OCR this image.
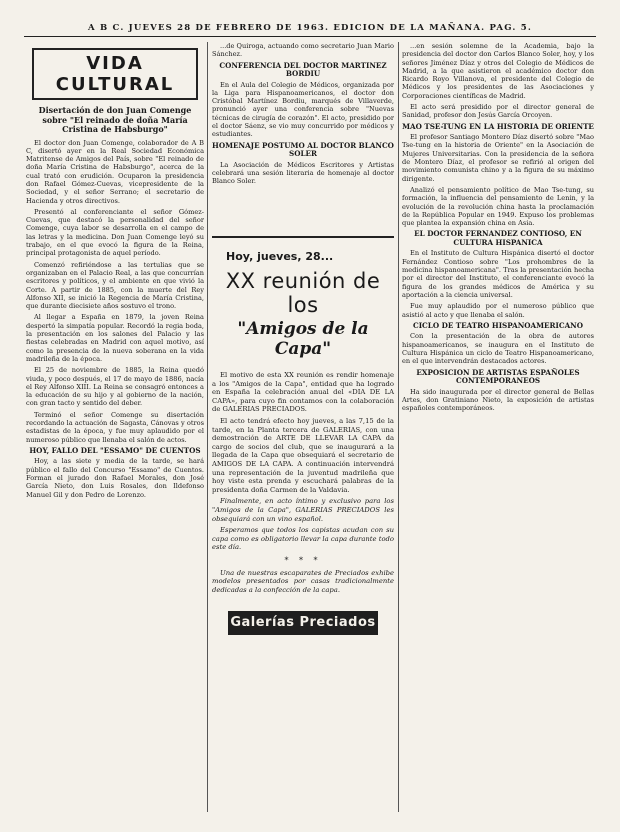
A B C. JUEVES 28 DE FEBRERO DE 1963. EDICION DE LA MAÑANA. PAG. 5.
VIDA CULTURAL
Disertación de don Juan Comenge sobre "El reinado de doña María Cristina de Habsburgo"

El doctor don Juan Comenge, colaborador de A B C, disertó ayer en la Real Sociedad Económica Matritense de Amigos del País, sobre "El reinado de doña María Cristina de Habsburgo", acerca de la cual trató con erudición. Ocuparon la presidencia don Rafael Gómez-Cuevas, vicepresidente de la Sociedad, y el señor Serrano; el secretario de Hacienda y otros directivos.

Presentó al conferenciante el señor Gómez-Cuevas, que destacó la personalidad del señor Comenge, cuya labor se desarrolla en el campo de las letras y la medicina. Don Juan Comenge leyó su trabajo, en el que evocó la figura de la Reina, principal protagonista de aquel período.

Comenzó refiriéndose a las tertulias que se organizaban en el Palacio Real, a las que concurrían escritores y políticos, y el ambiente en que vivió la Corte. A partir de 1885, con la muerte del Rey Alfonso XII, se inició la Regencia de María Cristina, que durante diecisiete años sostuvo el trono.

Al llegar a España en 1879, la joven Reina despertó la simpatía popular. Recordó la regia boda, la presentación en los salones del Palacio y las fiestas celebradas en Madrid con aquel motivo, así como la presencia de la nueva soberana en la vida madrileña de la época.

El 25 de noviembre de 1885, la Reina quedó viuda, y poco después, el 17 de mayo de 1886, nacía el Rey Alfonso XIII. La Reina se consagró entonces a la educación de su hijo y al gobierno de la nación, con gran tacto y sentido del deber.

Terminó el señor Comenge su disertación recordando la actuación de Sagasta, Cánovas y otros estadistas de la época, y fue muy aplaudido por el numeroso público que llenaba el salón de actos.

HOY, FALLO DEL "ESSAMO" DE CUENTOS

Hoy, a las siete y media de la tarde, se hará público el fallo del Concurso "Essamo" de Cuentos. Forman el jurado don Rafael Morales, don José García Nieto, don Luis Rosales, don Ildefonso Manuel Gil y don Pedro de Lorenzo.

...de Quiroga, actuando como secretario Juan Mario Sánchez.

CONFERENCIA DEL DOCTOR MARTINEZ BORDIU

En el Aula del Colegio de Médicos, organizada por la Liga para Hispanoamericanos, el doctor don Cristóbal Martínez Bordiu, marqués de Villaverde, pronunció ayer una conferencia sobre "Nuevas técnicas de cirugía de corazón". El acto, presidido por el doctor Sáenz, se vio muy concurrido por médicos y estudiantes.

HOMENAJE POSTUMO AL DOCTOR BLANCO SOLER

La Asociación de Médicos Escritores y Artistas celebrará una sesión literaria de homenaje al doctor Blanco Soler.

Hoy, jueves, 28...
XX reunión de los
"Amigos de la Capa"

El motivo de esta XX reunión es rendir homenaje a los "Amigos de la Capa", entidad que ha logrado en España la celebración anual del «DIA DE LA CAPA», para cuyo fin contamos con la colaboración de GALERIAS PRECIADOS.

El acto tendrá efecto hoy jueves, a las 7,15 de la tarde, en la Planta tercera de GALERIAS, con una demostración de ARTE DE LLEVAR LA CAPA da cargo de socios del club, que se inaugurará a la llegada de la Capa que obsequiará el secretario de AMIGOS DE LA CAPA. A continuación intervendrá una representación de la juventud madrileña que hoy viste esta prenda y escuchará palabras de la presidenta doña Carmen de la Valdavia.

Finalmente, en acto íntimo y exclusivo para los "Amigos de la Capa", GALERIAS PRECIADOS les obsequiará con un vino español.

Esperamos que todos los capistas acudan con su capa como es obligatorio llevar la capa durante todo este día.

* * *

Una de nuestras escaparates de Preciados exhibe modelos presentados por casas tradicionalmente dedicadas a la confección de la capa.

Galerías Preciados

...en sesión solemne de la Academia, bajo la presidencia del doctor don Carlos Blanco Soler, hoy, y los señores Jiménez Díaz y otros del Colegio de Médicos de Madrid, a la que asistieron el académico doctor don Ricardo Royo Villanova, el presidente del Colegio de Médicos y los presidentes de las Asociaciones y Corporaciones científicas de Madrid.

El acto será presidido por el director general de Sanidad, profesor don Jesús García Orcoyen.

MAO TSE-TUNG EN LA HISTORIA DE ORIENTE

El profesor Santiago Montero Díaz disertó sobre "Mao Tse-tung en la historia de Oriente" en la Asociación de Mujeres Universitarias. Con la presidencia de la señora de Montero Díaz, el profesor se refirió al origen del movimiento comunista chino y a la figura de su máximo dirigente.

Analizó el pensamiento político de Mao Tse-tung, su formación, la influencia del pensamiento de Lenin, y la evolución de la revolución china hasta la proclamación de la República Popular en 1949. Expuso los problemas que plantea la expansión china en Asia.

EL DOCTOR FERNANDEZ CONTIOSO, EN CULTURA HISPANICA

En el Instituto de Cultura Hispánica disertó el doctor Fernández Contioso sobre "Los prohombres de la medicina hispanoamericana". Tras la presentación hecha por el director del Instituto, el conferenciante evocó la figura de los grandes médicos de América y su aportación a la ciencia universal.

Fue muy aplaudido por el numeroso público que asistió al acto y que llenaba el salón.

CICLO DE TEATRO HISPANOAMERICANO

Con la presentación de la obra de autores hispanoamericanos, se inaugura en el Instituto de Cultura Hispánica un ciclo de Teatro Hispanoamericano, en el que intervendrán destacados actores.

EXPOSICION DE ARTISTAS ESPAÑOLES CONTEMPORANEOS

Ha sido inaugurada por el director general de Bellas Artes, don Gratiniano Nieto, la exposición de artistas españoles contemporáneos.
